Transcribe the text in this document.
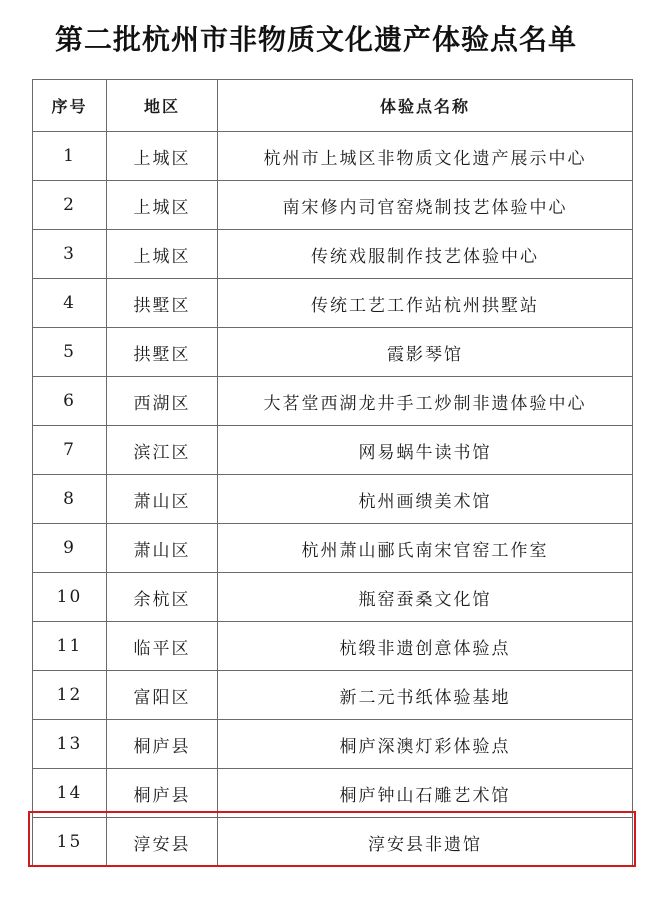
第二批杭州市非物质文化遗产体验点名单
序号	地区	体验点名称
1	上城区	杭州市上城区非物质文化遗产展示中心
2	上城区	南宋修内司官窑烧制技艺体验中心
3	上城区	传统戏服制作技艺体验中心
4	拱墅区	传统工艺工作站杭州拱墅站
5	拱墅区	霞影琴馆
6	西湖区	大茗堂西湖龙井手工炒制非遗体验中心
7	滨江区	网易蜗牛读书馆
8	萧山区	杭州画缋美术馆
9	萧山区	杭州萧山郦氏南宋官窑工作室
10	余杭区	瓶窑蚕桑文化馆
11	临平区	杭缎非遗创意体验点
12	富阳区	新二元书纸体验基地
13	桐庐县	桐庐深澳灯彩体验点
14	桐庐县	桐庐钟山石雕艺术馆
15	淳安县	淳安县非遗馆
